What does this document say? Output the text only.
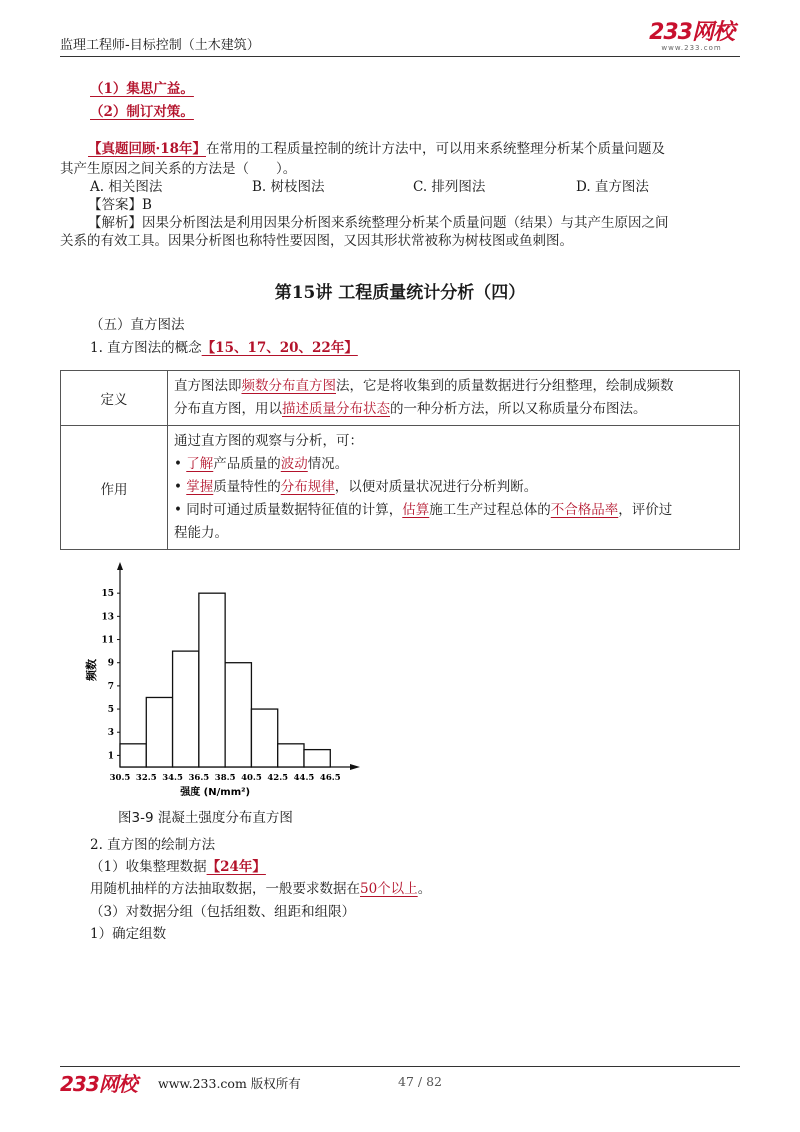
监理工程师-目标控制（土木建筑）
233网校
www.233.com
（1）集思广益。
（2）制订对策。
【真题回顾·18年】在常用的工程质量控制的统计方法中，可以用来系统整理分析某个质量问题及
其产生原因之间关系的方法是（　　）。
A. 相关图法	B. 树枝图法	C. 排列图法	D. 直方图法
【答案】B
【解析】因果分析图法是利用因果分析图来系统整理分析某个质量问题（结果）与其产生原因之间
关系的有效工具。因果分析图也称特性要因图，又因其形状常被称为树枝图或鱼刺图。
第15讲 工程质量统计分析（四）
（五）直方图法
1. 直方图法的概念【15、17、20、22年】
定义	直方图法即频数分布直方图法，它是将收集到的质量数据进行分组整理，绘制成频数
分布直方图，用以描述质量分布状态的一种分析方法，所以又称质量分布图法。
作用	通过直方图的观察与分析，可：
• 了解产品质量的波动情况。
• 掌握质量特性的分布规律，以便对质量状况进行分析判断。
• 同时可通过质量数据特征值的计算，估算施工生产过程总体的不合格品率，评价过
程能力。
1
3
5
7
9
11
13
15
30.5 32.5 34.5 36.5 38.5 40.5 42.5 44.5 46.5
强度 (N/mm²)
频数
图3-9 混凝土强度分布直方图
2. 直方图的绘制方法
（1）收集整理数据【24年】
用随机抽样的方法抽取数据，一般要求数据在50个以上。
（3）对数据分组（包括组数、组距和组限）
1）确定组数
233网校 www.233.com 版权所有	47 / 82
